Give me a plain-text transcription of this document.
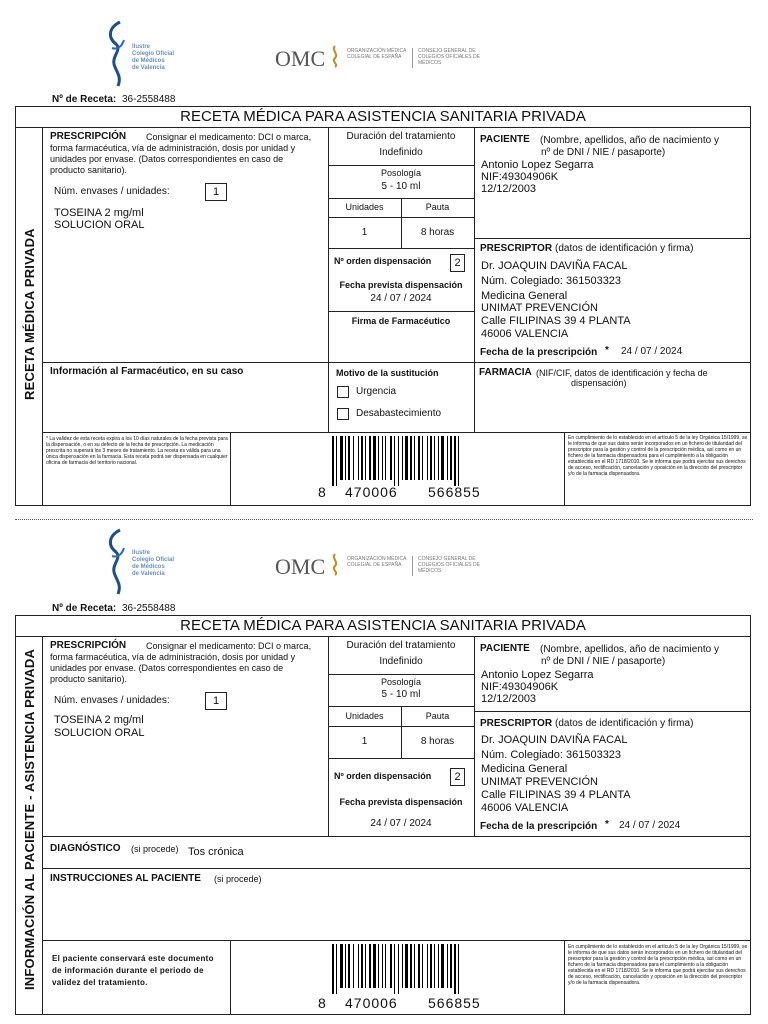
Ilustre
Colegio Oficial
de Médicos
de Valencia	OMC	ORGANIZACIÓN MÉDICA COLEGIAL DE ESPAÑA
CONSEJO GENERAL DE COLEGIOS OFICIALES DE MÉDICOS
Nº de Receta: 36-2558488
RECETA MÉDICA PARA ASISTENCIA SANITARIA PRIVADA
RECETA MÉDICA PRIVADA
PRESCRIPCIÓN Consignar el medicamento: DCI o marca,
forma farmacéutica, vía de administración, dosis por unidad y
unidades por envase. (Datos correspondientes en caso de
producto sanitario).
Núm. envases / unidades:	1
TOSEINA 2 mg/ml
SOLUCION ORAL
Duración del tratamiento
Indefinido
Posología
5 - 10 ml
Unidades	Pauta
1	8 horas
Nº orden dispensación	2
Fecha prevista dispensación
24 / 07 / 2024
Firma de Farmacéutico
PACIENTE (Nombre, apellidos, año de nacimiento y
nº de DNI / NIE / pasaporte)
Antonio Lopez Segarra
NIF:49304906K
12/12/2003
PRESCRIPTOR (datos de identificación y firma)
Dr. JOAQUIN DAVIÑA FACAL
Núm. Colegiado: 361503323
Medicina General
UNIMAT PREVENCIÓN
Calle FILIPINAS 39 4 PLANTA
46006 VALENCIA
Fecha de la prescripción * 24 / 07 / 2024
Información al Farmacéutico, en su caso	Motivo de la sustitución
Urgencia
Desabastecimiento
FARMACIA (NIF/CIF, datos de identificación y fecha de
dispensación)
* La validez de esta receta expira a los 10 días naturales de la fecha prevista para la dispensación, o en su defecto de la fecha de prescripción. La medicación prescrita no superará los 3 meses de tratamiento. La receta es válida para una única dispensación en la farmacia. Esta receta podrá ser dispensada en cualquier oficina de farmacia del territorio nacional.
8 470006 566855
En cumplimiento de lo establecido en el artículo 5 de la ley Orgánica 15/1999, se le informa de que sus datos serán incorporados en un fichero de titularidad del prescriptor para la gestión y control de la prescripción médica, así como en un fichero de la farmacia dispensadora para el cumplimiento a la obligación establecida en el RD 1718/2010. Se le informa que podrá ejercitar sus derechos de acceso, rectificación, cancelación y oposición en la dirección del prescriptor y/o de la farmacia dispensadora.
Ilustre
Colegio Oficial
de Médicos
de Valencia	OMC	ORGANIZACIÓN MÉDICA COLEGIAL DE ESPAÑA
CONSEJO GENERAL DE COLEGIOS OFICIALES DE MÉDICOS
Nº de Receta: 36-2558488
RECETA MÉDICA PARA ASISTENCIA SANITARIA PRIVADA
INFORMACIÓN AL PACIENTE - ASISTENCIA PRIVADA
PRESCRIPCIÓN Consignar el medicamento: DCI o marca,
forma farmacéutica, vía de administración, dosis por unidad y
unidades por envase. (Datos correspondientes en caso de
producto sanitario).
Núm. envases / unidades:	1
TOSEINA 2 mg/ml
SOLUCION ORAL
Duración del tratamiento
Indefinido
Posología
5 - 10 ml
Unidades	Pauta
1	8 horas
Nº orden dispensación	2
Fecha prevista dispensación
24 / 07 / 2024
PACIENTE (Nombre, apellidos, año de nacimiento y
nº de DNI / NIE / pasaporte)
Antonio Lopez Segarra
NIF:49304906K
12/12/2003
PRESCRIPTOR (datos de identificación y firma)
Dr. JOAQUIN DAVIÑA FACAL
Núm. Colegiado: 361503323
Medicina General
UNIMAT PREVENCIÓN
Calle FILIPINAS 39 4 PLANTA
46006 VALENCIA
Fecha de la prescripción * 24 / 07 / 2024
DIAGNÓSTICO (si procede) Tos crónica
INSTRUCCIONES AL PACIENTE (si procede)
El paciente conservará este documento de información durante el periodo de validez del tratamiento.
8 470006 566855
En cumplimiento de lo establecido en el artículo 5 de la ley Orgánica 15/1999, se le informa de que sus datos serán incorporados en un fichero de titularidad del prescriptor para la gestión y control de la prescripción médica, así como en un fichero de la farmacia dispensadora para el cumplimiento a la obligación establecida en el RD 1718/2010. Se le informa que podrá ejercitar sus derechos de acceso, rectificación, cancelación y oposición en la dirección del prescriptor y/o de la farmacia dispensadora.
